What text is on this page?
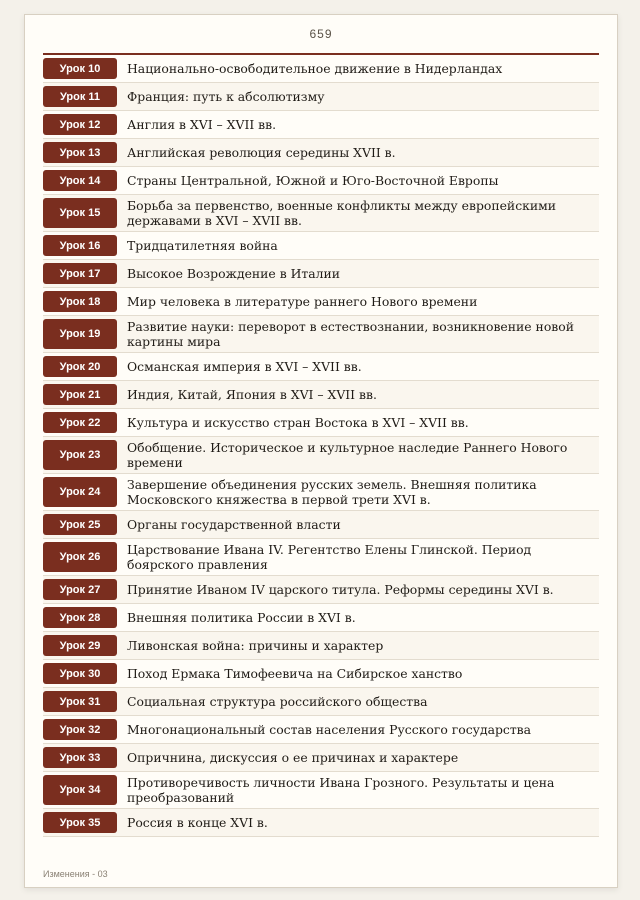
659
Урок 10	Национально-освободительное движение в Нидерландах
Урок 11	Франция: путь к абсолютизму
Урок 12	Англия в XVI – XVII вв.
Урок 13	Английская революция середины XVII в.
Урок 14	Страны Центральной, Южной и Юго-Восточной Европы
Урок 15	Борьба за первенство, военные конфликты между европейскими державами в XVI – XVII вв.
Урок 16	Тридцатилетняя война
Урок 17	Высокое Возрождение в Италии
Урок 18	Мир человека в литературе раннего Нового времени
Урок 19	Развитие науки: переворот в естествознании, возникновение новой картины мира
Урок 20	Османская империя в XVI – XVII вв.
Урок 21	Индия, Китай, Япония в XVI – XVII вв.
Урок 22	Культура и искусство стран Востока в XVI – XVII вв.
Урок 23	Обобщение. Историческое и культурное наследие Раннего Нового времени
Урок 24	Завершение объединения русских земель. Внешняя политика Московского княжества в первой трети XVI в.
Урок 25	Органы государственной власти
Урок 26	Царствование Ивана IV. Регентство Елены Глинской. Период боярского правления
Урок 27	Принятие Иваном IV царского титула. Реформы середины XVI в.
Урок 28	Внешняя политика России в XVI в.
Урок 29	Ливонская война: причины и характер
Урок 30	Поход Ермака Тимофеевича на Сибирское ханство
Урок 31	Социальная структура российского общества
Урок 32	Многонациональный состав населения Русского государства
Урок 33	Опричнина, дискуссия о ее причинах и характере
Урок 34	Противоречивость личности Ивана Грозного. Результаты и цена преобразований
Урок 35	Россия в конце XVI в.
Изменения - 03
